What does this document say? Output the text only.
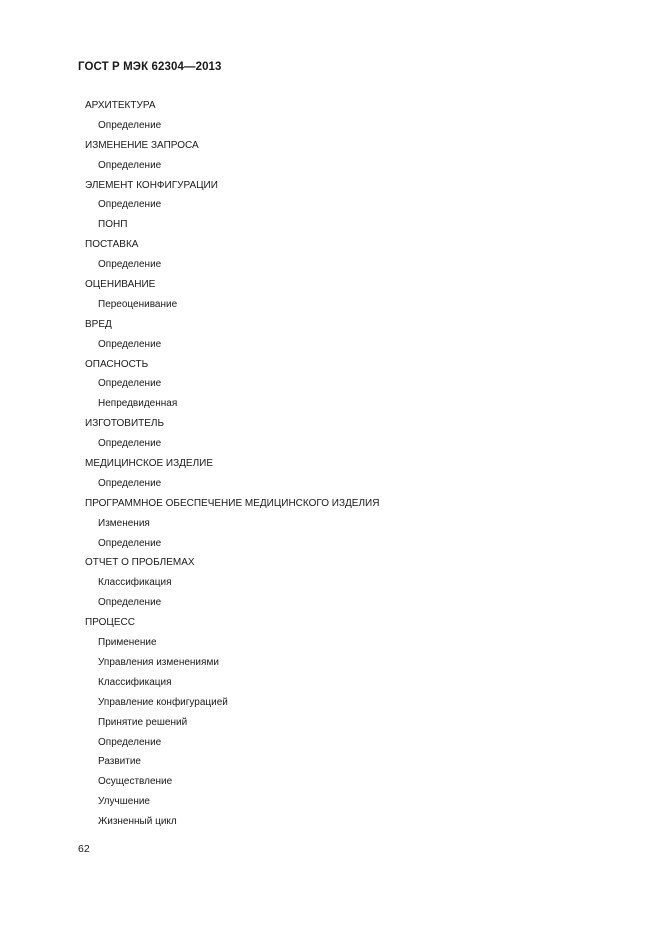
ГОСТ Р МЭК 62304—2013
АРХИТЕКТУРА
Определение
ИЗМЕНЕНИЕ ЗАПРОСА
Определение
ЭЛЕМЕНТ КОНФИГУРАЦИИ
Определение
ПОНП
ПОСТАВКА
Определение
ОЦЕНИВАНИЕ
Переоценивание
ВРЕД
Определение
ОПАСНОСТЬ
Определение
Непредвиденная
ИЗГОТОВИТЕЛЬ
Определение
МЕДИЦИНСКОЕ ИЗДЕЛИЕ
Определение
ПРОГРАММНОЕ ОБЕСПЕЧЕНИЕ МЕДИЦИНСКОГО ИЗДЕЛИЯ
Изменения
Определение
ОТЧЕТ О ПРОБЛЕМАХ
Классификация
Определение
ПРОЦЕСС
Применение
Управления изменениями
Классификация
Управление конфигурацией
Принятие решений
Определение
Развитие
Осуществление
Улучшение
Жизненный цикл
62
